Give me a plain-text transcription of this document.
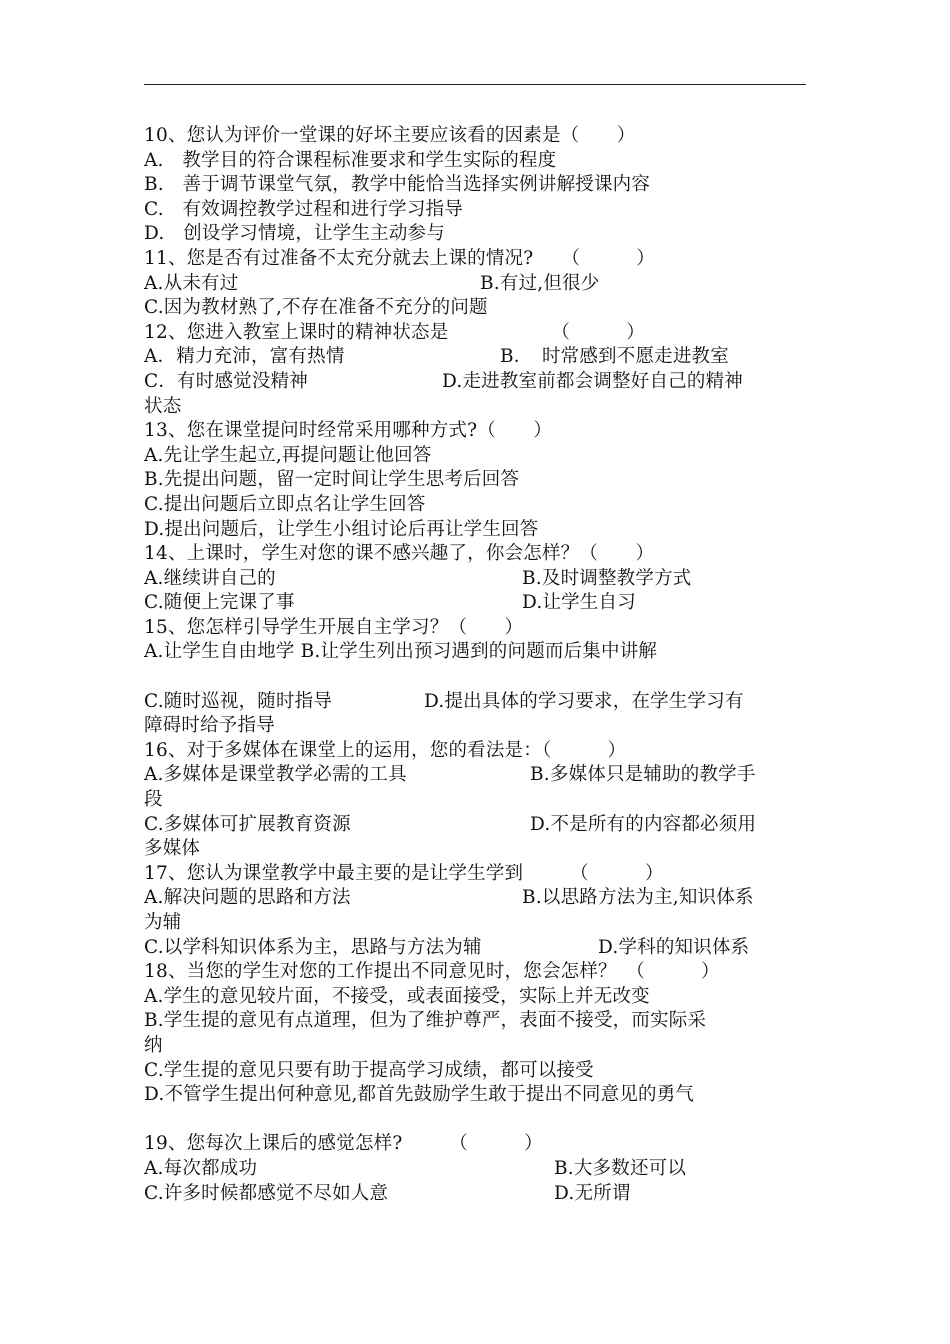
10、您认为评价一堂课的好坏主要应该看的因素是（　　）
A.　教学目的符合课程标准要求和学生实际的程度
B.　善于调节课堂气氛，教学中能恰当选择实例讲解授课内容
C.　有效调控教学过程和进行学习指导
D.　创设学习情境，让学生主动参与
11、您是否有过准备不太充分就去上课的情况?　　（　　　）
A.从未有过	B.有过,但很少
C.因为教材熟了,不存在准备不充分的问题
12、您进入教室上课时的精神状态是　　　　　　（　　　）
A．精力充沛，富有热情	B．　时常感到不愿走进教室
C．有时感觉没精神	D.走进教室前都会调整好自己的精神
状态
13、您在课堂提问时经常采用哪种方式?（　　）
A.先让学生起立,再提问题让他回答
B.先提出问题，留一定时间让学生思考后回答
C.提出问题后立即点名让学生回答
D.提出问题后，让学生小组讨论后再让学生回答
14、上课时，学生对您的课不感兴趣了，你会怎样？（　　）
A.继续讲自己的	B.及时调整教学方式
C.随便上完课了事	D.让学生自习
15、您怎样引导学生开展自主学习？（　　）
A.让学生自由地学 B.让学生列出预习遇到的问题而后集中讲解
C.随时巡视，随时指导	D.提出具体的学习要求，在学生学习有
障碍时给予指导
16、对于多媒体在课堂上的运用，您的看法是：（　　　）
A.多媒体是课堂教学必需的工具	B.多媒体只是辅助的教学手
段
C.多媒体可扩展教育资源	D.不是所有的内容都必须用
多媒体
17、您认为课堂教学中最主要的是让学生学到　　　（　　　）
A.解决问题的思路和方法	B.以思路方法为主,知识体系
为辅
C.以学科知识体系为主，思路与方法为辅	D.学科的知识体系
18、当您的学生对您的工作提出不同意见时，您会怎样？　（　　　）
A.学生的意见较片面，不接受，或表面接受，实际上并无改变
B.学生提的意见有点道理，但为了维护尊严，表面不接受，而实际采
纳
C.学生提的意见只要有助于提高学习成绩，都可以接受
D.不管学生提出何种意见,都首先鼓励学生敢于提出不同意见的勇气
19、您每次上课后的感觉怎样?　　　（　　　）
A.每次都成功	B.大多数还可以
C.许多时候都感觉不尽如人意	D.无所谓
